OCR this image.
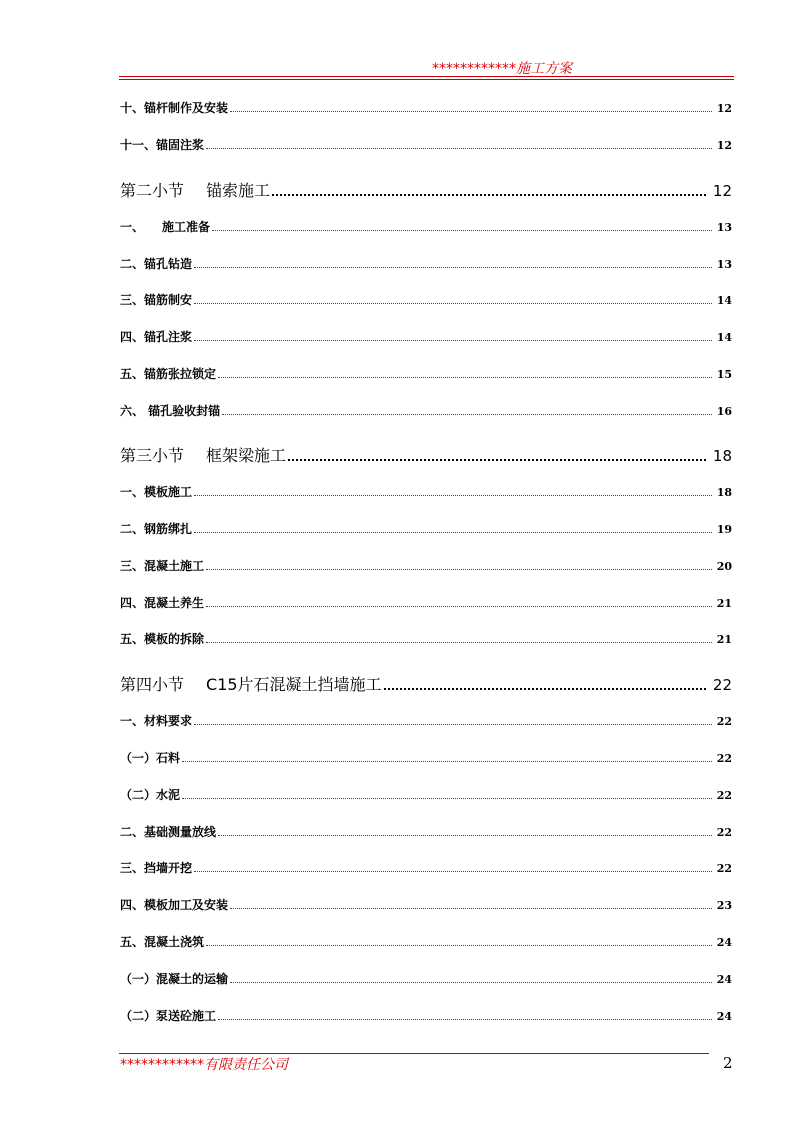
************施工方案
十、锚杆制作及安装	12
十一、锚固注浆	12
第二小节 锚索施工	12
一、 施工准备	13
二、锚孔钻造	13
三、锚筋制安	14
四、锚孔注浆	14
五、锚筋张拉锁定	15
六、 锚孔验收封锚	16
第三小节 框架梁施工	18
一、模板施工	18
二、钢筋绑扎	19
三、混凝土施工	20
四、混凝土养生	21
五、模板的拆除	21
第四小节 C15片石混凝土挡墙施工	22
一、材料要求	22
（一）石料	22
（二）水泥	22
二、基础测量放线	22
三、挡墙开挖	22
四、模板加工及安装	23
五、混凝土浇筑	24
（一）混凝土的运输	24
（二）泵送砼施工	24
************有限责任公司	2
